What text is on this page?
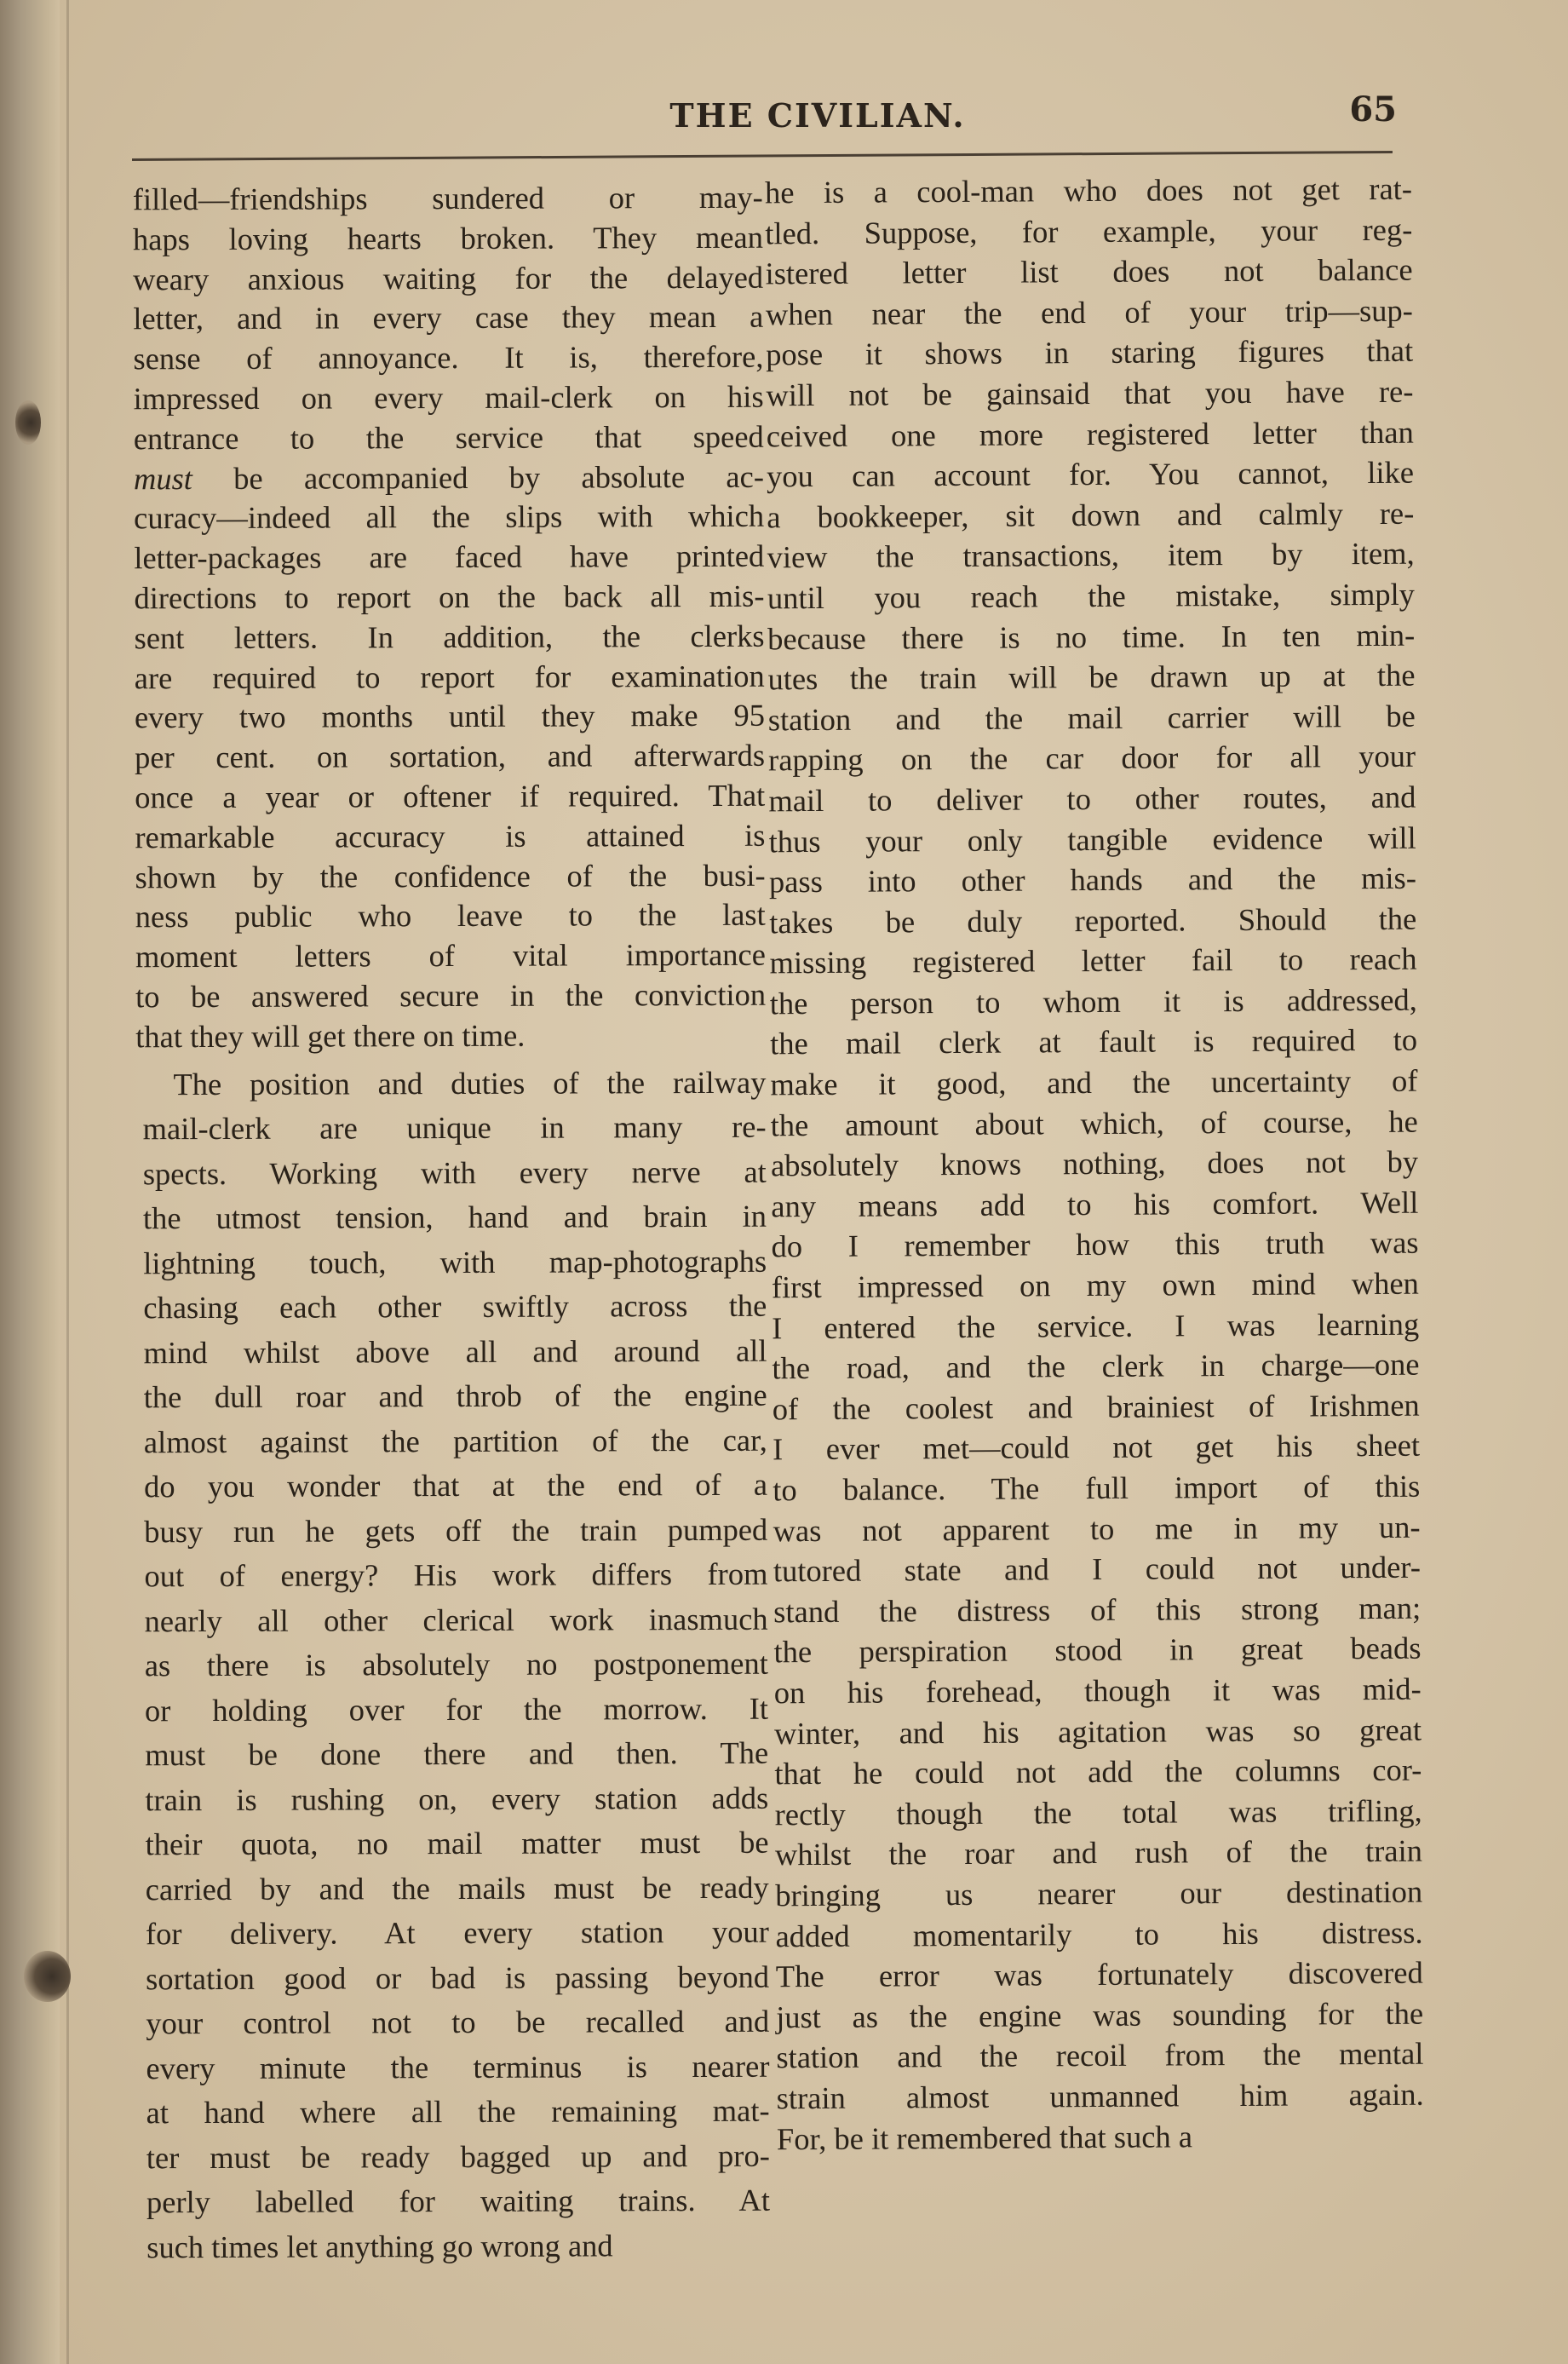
THE CIVILIAN.	65

filled—friendships sundered or may-
haps loving hearts broken. They mean
weary anxious waiting for the delayed
letter, and in every case they mean a
sense of annoyance. It is, therefore,
impressed on every mail-clerk on his
entrance to the service that speed
must be accompanied by absolute ac-
curacy—indeed all the slips with which
letter-packages are faced have printed
directions to report on the back all mis-
sent letters. In addition, the clerks
are required to report for examination
every two months until they make 95
per cent. on sortation, and afterwards
once a year or oftener if required. That
remarkable accuracy is attained is
shown by the confidence of the busi-
ness public who leave to the last
moment letters of vital importance
to be answered secure in the conviction
that they will get there on time.

The position and duties of the railway
mail-clerk are unique in many re-
spects. Working with every nerve at
the utmost tension, hand and brain in
lightning touch, with map-photographs
chasing each other swiftly across the
mind whilst above all and around all
the dull roar and throb of the engine
almost against the partition of the car,
do you wonder that at the end of a
busy run he gets off the train pumped
out of energy? His work differs from
nearly all other clerical work inasmuch
as there is absolutely no postponement
or holding over for the morrow. It
must be done there and then. The
train is rushing on, every station adds
their quota, no mail matter must be
carried by and the mails must be ready
for delivery. At every station your
sortation good or bad is passing beyond
your control not to be recalled and
every minute the terminus is nearer
at hand where all the remaining mat-
ter must be ready bagged up and pro-
perly labelled for waiting trains. At
such times let anything go wrong and

he is a cool-man who does not get rat-
tled. Suppose, for example, your reg-
istered letter list does not balance
when near the end of your trip—sup-
pose it shows in staring figures that
will not be gainsaid that you have re-
ceived one more registered letter than
you can account for. You cannot, like
a bookkeeper, sit down and calmly re-
view the transactions, item by item,
until you reach the mistake, simply
because there is no time. In ten min-
utes the train will be drawn up at the
station and the mail carrier will be
rapping on the car door for all your
mail to deliver to other routes, and
thus your only tangible evidence will
pass into other hands and the mis-
takes be duly reported. Should the
missing registered letter fail to reach
the person to whom it is addressed,
the mail clerk at fault is required to
make it good, and the uncertainty of
the amount about which, of course, he
absolutely knows nothing, does not by
any means add to his comfort. Well
do I remember how this truth was
first impressed on my own mind when
I entered the service. I was learning
the road, and the clerk in charge—one
of the coolest and brainiest of Irishmen
I ever met—could not get his sheet
to balance. The full import of this
was not apparent to me in my un-
tutored state and I could not under-
stand the distress of this strong man;
the perspiration stood in great beads
on his forehead, though it was mid-
winter, and his agitation was so great
that he could not add the columns cor-
rectly though the total was trifling,
whilst the roar and rush of the train
bringing us nearer our destination
added momentarily to his distress.
The error was fortunately discovered
just as the engine was sounding for the
station and the recoil from the mental
strain almost unmanned him again.
For, be it remembered that such a
